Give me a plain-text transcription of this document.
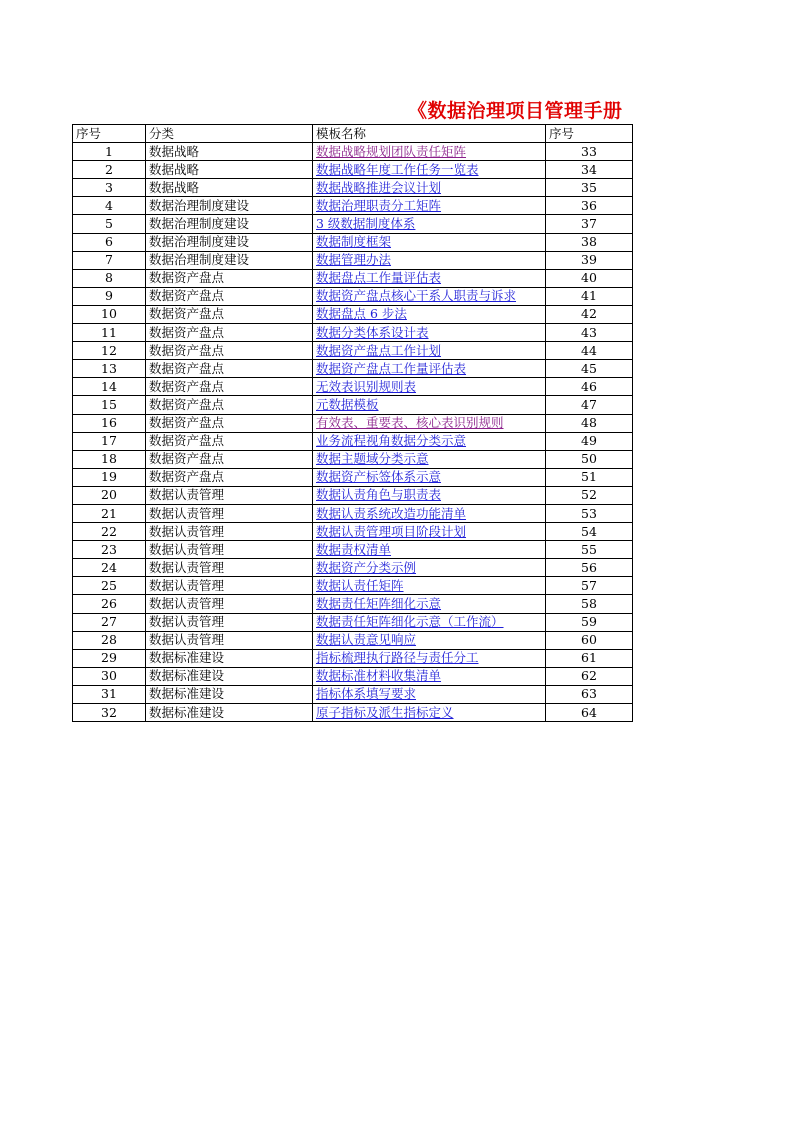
《数据治理项目管理手册
序号	分类	模板名称	序号
1	数据战略	数据战略规划团队责任矩阵	33
2	数据战略	数据战略年度工作任务一览表	34
3	数据战略	数据战略推进会议计划	35
4	数据治理制度建设	数据治理职责分工矩阵	36
5	数据治理制度建设	3 级数据制度体系	37
6	数据治理制度建设	数据制度框架	38
7	数据治理制度建设	数据管理办法	39
8	数据资产盘点	数据盘点工作量评估表	40
9	数据资产盘点	数据资产盘点核心干系人职责与诉求	41
10	数据资产盘点	数据盘点 6 步法	42
11	数据资产盘点	数据分类体系设计表	43
12	数据资产盘点	数据资产盘点工作计划	44
13	数据资产盘点	数据资产盘点工作量评估表	45
14	数据资产盘点	无效表识别规则表	46
15	数据资产盘点	元数据模板	47
16	数据资产盘点	有效表、重要表、核心表识别规则	48
17	数据资产盘点	业务流程视角数据分类示意	49
18	数据资产盘点	数据主题域分类示意	50
19	数据资产盘点	数据资产标签体系示意	51
20	数据认责管理	数据认责角色与职责表	52
21	数据认责管理	数据认责系统改造功能清单	53
22	数据认责管理	数据认责管理项目阶段计划	54
23	数据认责管理	数据责权清单	55
24	数据认责管理	数据资产分类示例	56
25	数据认责管理	数据认责任矩阵	57
26	数据认责管理	数据责任矩阵细化示意	58
27	数据认责管理	数据责任矩阵细化示意（工作流）	59
28	数据认责管理	数据认责意见响应	60
29	数据标准建设	指标梳理执行路径与责任分工	61
30	数据标准建设	数据标准材料收集清单	62
31	数据标准建设	指标体系填写要求	63
32	数据标准建设	原子指标及派生指标定义	64
